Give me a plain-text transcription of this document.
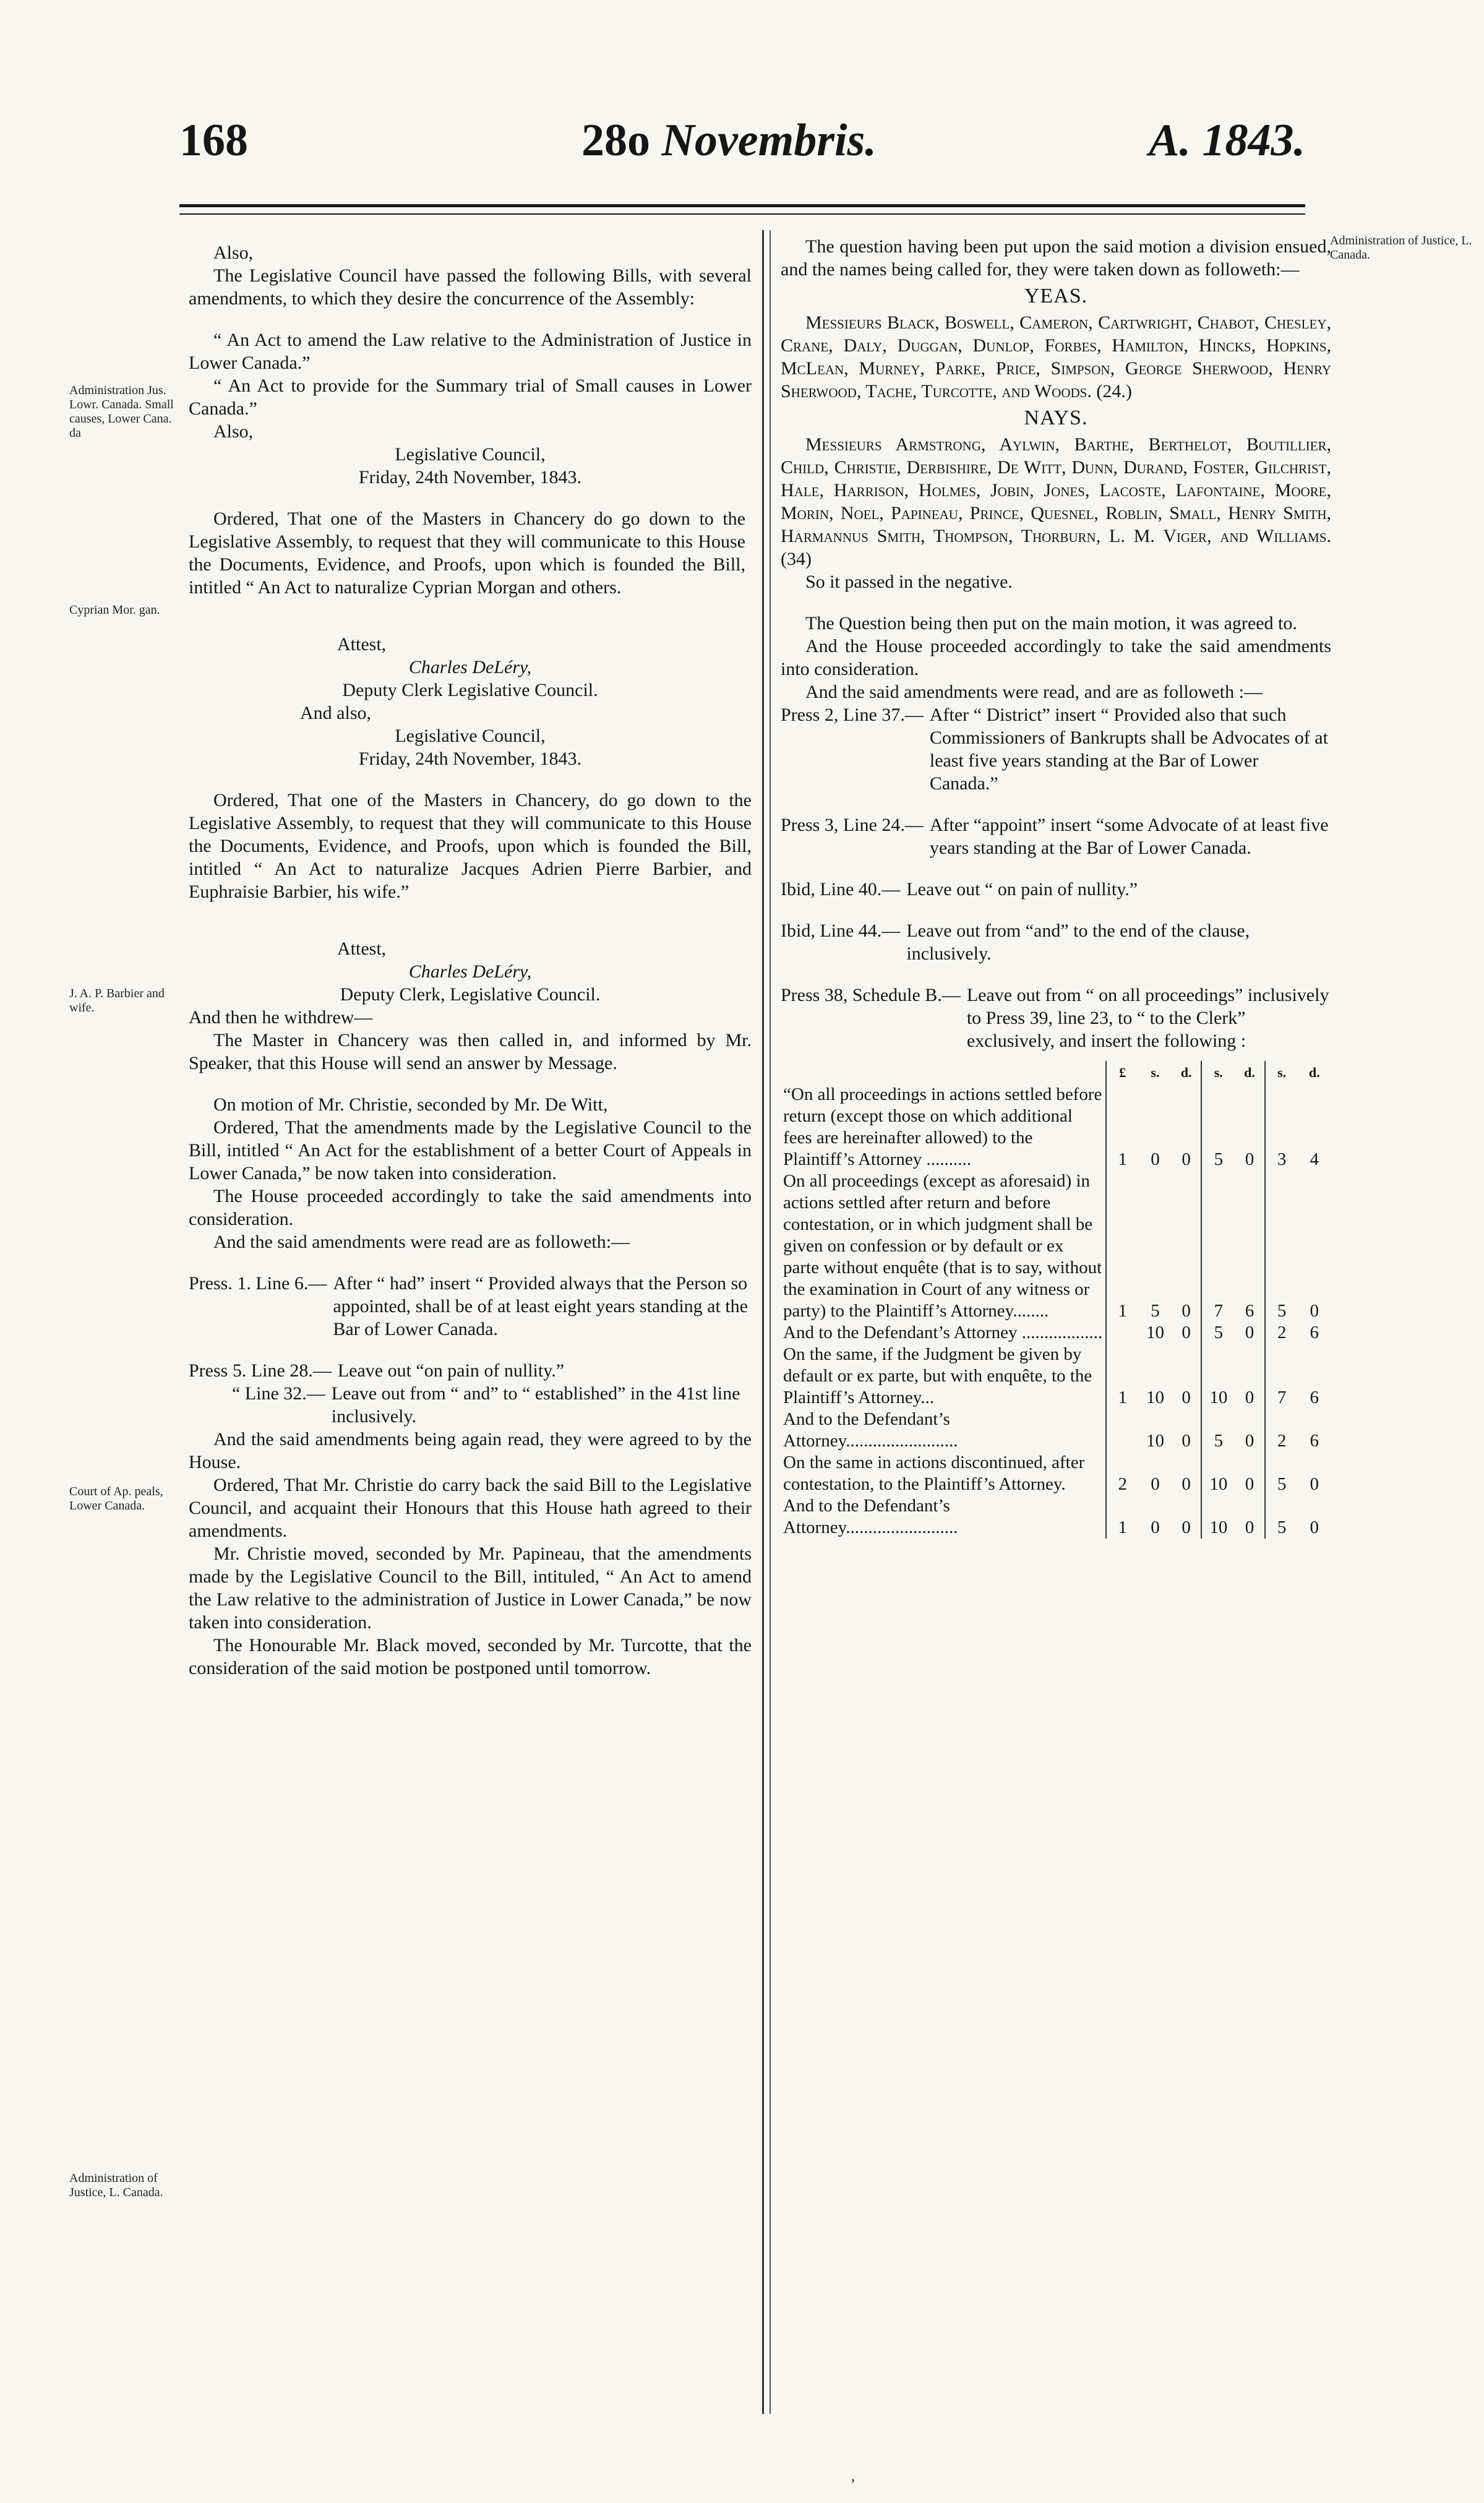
168	28o Novembris.	A. 1843.
Administration Jus. Lowr. Canada. Small causes, Lower Cana. da
Cyprian Mor. gan.
J. A. P. Barbier and wife.
Court of Ap. peals, Lower Canada.
Administration of Justice, L. Canada.
Administration of Justice, L. Canada.

Also,

The Legislative Council have passed the following Bills, with several amendments, to which they desire the concurrence of the Assembly:

“ An Act to amend the Law relative to the Administration of Justice in Lower Canada.”

“ An Act to provide for the Summary trial of Small causes in Lower Canada.”

Also,

Legislative Council,

Friday, 24th November, 1843.

Ordered, That one of the Masters in Chancery do go down to the Legislative Assembly, to request that they will communicate to this House the Documents, Evidence, and Proofs, upon which is founded the Bill, intitled “ An Act to naturalize Cyprian Morgan and others.

Attest,

Charles DeLéry,

Deputy Clerk Legislative Council.

And also,

Legislative Council,

Friday, 24th November, 1843.

Ordered, That one of the Masters in Chancery, do go down to the Legislative Assembly, to request that they will communicate to this House the Documents, Evidence, and Proofs, upon which is founded the Bill, intitled “ An Act to naturalize Jacques Adrien Pierre Barbier, and Euphraisie Barbier, his wife.”

Attest,

Charles DeLéry,

Deputy Clerk, Legislative Council.

And then he withdrew—

The Master in Chancery was then called in, and informed by Mr. Speaker, that this House will send an answer by Message.

On motion of Mr. Christie, seconded by Mr. De Witt,

Ordered, That the amendments made by the Legislative Council to the Bill, intitled “ An Act for the establishment of a better Court of Appeals in Lower Canada,” be now taken into consideration.

The House proceeded accordingly to take the said amendments into consideration.

And the said amendments were read are as followeth:—

Press. 1. Line 6.— After “ had” insert “ Provided always that the Person so appointed, shall be of at least eight years standing at the Bar of Lower Canada.
Press 5. Line 28.— Leave out “on pain of nullity.”
“ Line 32.— Leave out from “ and” to “ established” in the 41st line inclusively.

And the said amendments being again read, they were agreed to by the House.

Ordered, That Mr. Christie do carry back the said Bill to the Legislative Council, and acquaint their Honours that this House hath agreed to their amendments.

Mr. Christie moved, seconded by Mr. Papineau, that the amendments made by the Legislative Council to the Bill, intituled, “ An Act to amend the Law relative to the administration of Justice in Lower Canada,” be now taken into consideration.

The Honourable Mr. Black moved, seconded by Mr. Turcotte, that the consideration of the said motion be postponed until tomorrow.

The question having been put upon the said motion a division ensued, and the names being called for, they were taken down as followeth:—

YEAS.

Messieurs Black, Boswell, Cameron, Cartwright, Chabot, Chesley, Crane, Daly, Duggan, Dunlop, Forbes, Hamilton, Hincks, Hopkins, McLean, Murney, Parke, Price, Simpson, George Sherwood, Henry Sherwood, Tache, Turcotte, and Woods. (24.)

NAYS.

Messieurs Armstrong, Aylwin, Barthe, Berthelot, Boutillier, Child, Christie, Derbishire, De Witt, Dunn, Durand, Foster, Gilchrist, Hale, Harrison, Holmes, Jobin, Jones, Lacoste, Lafontaine, Moore, Morin, Noel, Papineau, Prince, Quesnel, Roblin, Small, Henry Smith, Harmannus Smith, Thompson, Thorburn, L. M. Viger, and Williams. (34)

So it passed in the negative.

The Question being then put on the main motion, it was agreed to.

And the House proceeded accordingly to take the said amendments into consideration.

And the said amendments were read, and are as followeth :—

Press 2, Line 37.— After “ District” insert “ Provided also that such Commissioners of Bankrupts shall be Advocates of at least five years standing at the Bar of Lower Canada.”
Press 3, Line 24.— After “appoint” insert “some Advocate of at least five years standing at the Bar of Lower Canada.
Ibid, Line 40.— Leave out “ on pain of nullity.”
Ibid, Line 44.— Leave out from “and” to the end of the clause, inclusively.
Press 38, Schedule B.— Leave out from “ on all proceedings” inclusively to Press 39, line 23, to “ to the Clerk” exclusively, and insert the following :
	£	s.	d.	s.	d.	s.	d.
“On all proceedings in actions settled before return (except those on which additional fees are hereinafter allowed) to the Plaintiff’s Attorney ..........	1	0	0	5	0	3	4
On all proceedings (except as aforesaid) in actions settled after return and before contestation, or in which judgment shall be given on confession or by default or ex parte without enquête (that is to say, without the examination in Court of any witness or party) to the Plaintiff’s Attorney........	1	5	0	7	6	5	0
And to the Defendant’s Attorney ..................		10	0	5	0	2	6
On the same, if the Judgment be given by default or ex parte, but with enquête, to the Plaintiff’s Attorney...	1	10	0	10	0	7	6
And to the Defendant’s Attorney.........................		10	0	5	0	2	6
On the same in actions discontinued, after contestation, to the Plaintiff’s Attorney.	2	0	0	10	0	5	0
And to the Defendant’s Attorney.........................	1	0	0	10	0	5	0
,
